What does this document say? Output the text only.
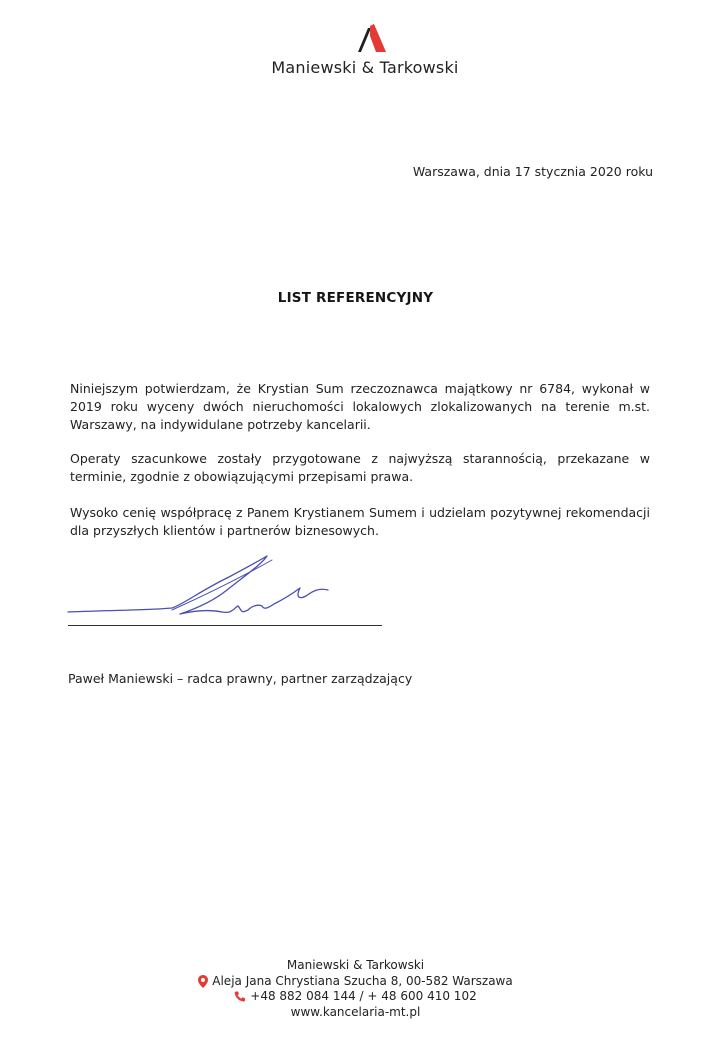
Maniewski & Tarkowski
Warszawa, dnia 17 stycznia 2020 roku
LIST REFERENCYJNY
Niniejszym potwierdzam, że Krystian Sum rzeczoznawca majątkowy nr 6784, wykonał w 2019 roku wyceny dwóch nieruchomości lokalowych zlokalizowanych na terenie m.st. Warszawy, na indywidulane potrzeby kancelarii.
Operaty szacunkowe zostały przygotowane z najwyższą starannością, przekazane w terminie, zgodnie z obowiązującymi przepisami prawa.
Wysoko cenię współpracę z Panem Krystianem Sumem i udzielam pozytywnej rekomendacji dla przyszłych klientów i partnerów biznesowych.
Paweł Maniewski – radca prawny, partner zarządzający
Maniewski & Tarkowski
Aleja Jana Chrystiana Szucha 8, 00-582 Warszawa
+48 882 084 144 / + 48 600 410 102
www.kancelaria-mt.pl
